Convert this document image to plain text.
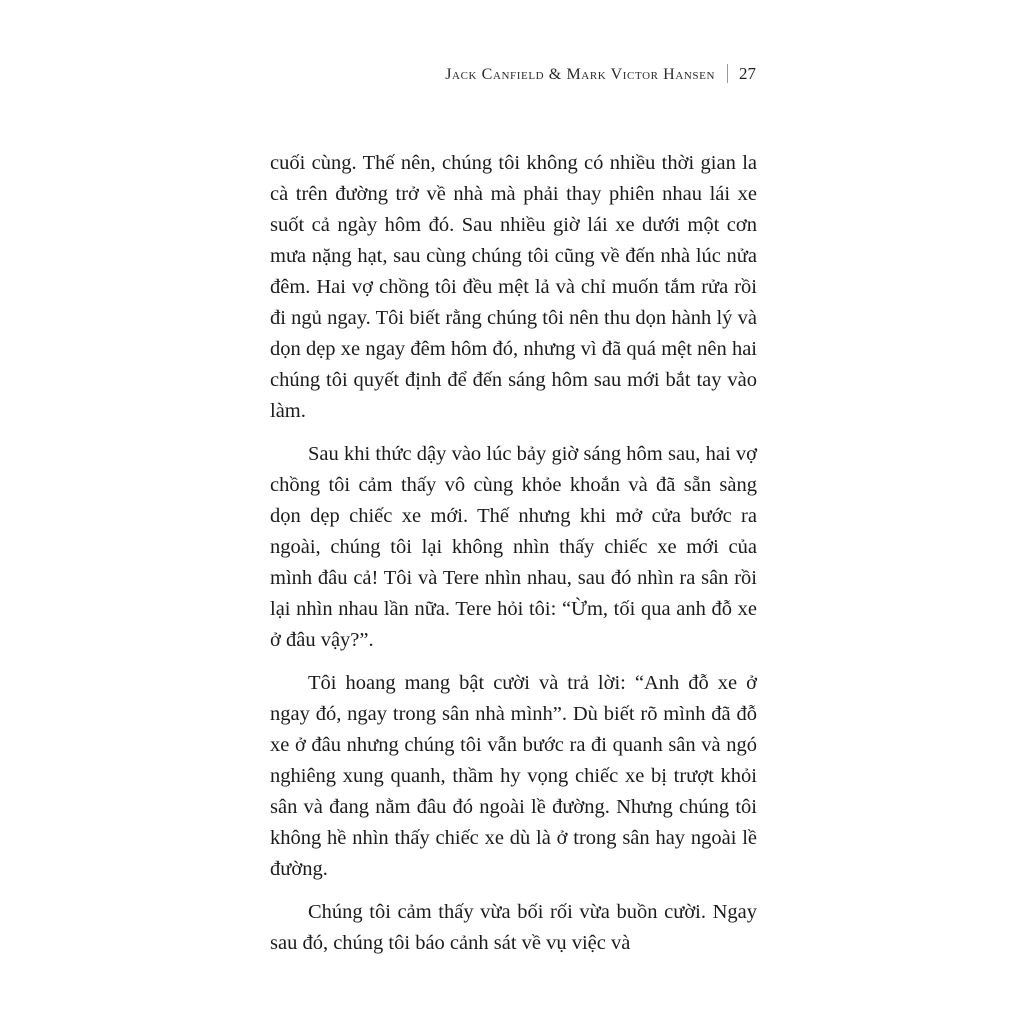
Jack Canfield & Mark Victor Hansen 27

cuối cùng. Thế nên, chúng tôi không có nhiều thời gian la cà trên đường trở về nhà mà phải thay phiên nhau lái xe suốt cả ngày hôm đó. Sau nhiều giờ lái xe dưới một cơn mưa nặng hạt, sau cùng chúng tôi cũng về đến nhà lúc nửa đêm. Hai vợ chồng tôi đều mệt lả và chỉ muốn tắm rửa rồi đi ngủ ngay. Tôi biết rằng chúng tôi nên thu dọn hành lý và dọn dẹp xe ngay đêm hôm đó, nhưng vì đã quá mệt nên hai chúng tôi quyết định để đến sáng hôm sau mới bắt tay vào làm.

Sau khi thức dậy vào lúc bảy giờ sáng hôm sau, hai vợ chồng tôi cảm thấy vô cùng khỏe khoắn và đã sẵn sàng dọn dẹp chiếc xe mới. Thế nhưng khi mở cửa bước ra ngoài, chúng tôi lại không nhìn thấy chiếc xe mới của mình đâu cả! Tôi và Tere nhìn nhau, sau đó nhìn ra sân rồi lại nhìn nhau lần nữa. Tere hỏi tôi: “Ừm, tối qua anh đỗ xe ở đâu vậy?”.

Tôi hoang mang bật cười và trả lời: “Anh đỗ xe ở ngay đó, ngay trong sân nhà mình”. Dù biết rõ mình đã đỗ xe ở đâu nhưng chúng tôi vẫn bước ra đi quanh sân và ngó nghiêng xung quanh, thầm hy vọng chiếc xe bị trượt khỏi sân và đang nằm đâu đó ngoài lề đường. Nhưng chúng tôi không hề nhìn thấy chiếc xe dù là ở trong sân hay ngoài lề đường.

Chúng tôi cảm thấy vừa bối rối vừa buồn cười. Ngay sau đó, chúng tôi báo cảnh sát về vụ việc và
